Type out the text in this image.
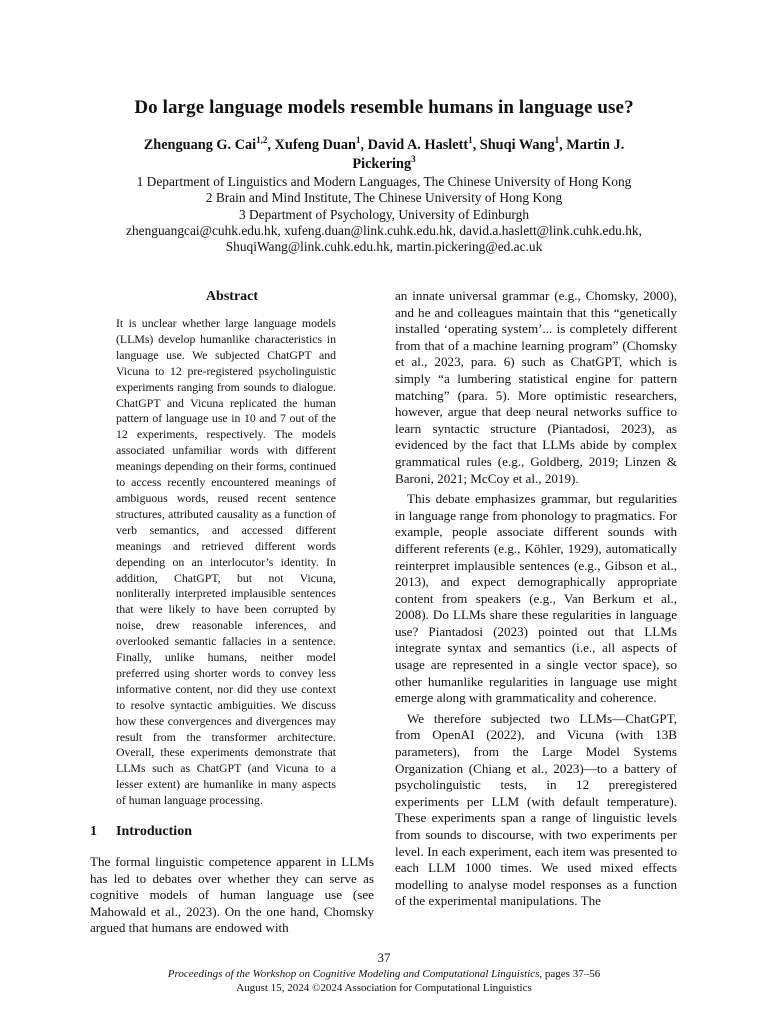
Do large language models resemble humans in language use?
Zhenguang G. Cai$^{1,2}$, Xufeng Duan$^1$, David A. Haslett$^1$, Shuqi Wang$^1$, Martin J.
Pickering$^3$
1 Department of Linguistics and Modern Languages, The Chinese University of Hong Kong
2 Brain and Mind Institute, The Chinese University of Hong Kong
3 Department of Psychology, University of Edinburgh
zhenguangcai@cuhk.edu.hk, xufeng.duan@link.cuhk.edu.hk, david.a.haslett@link.cuhk.edu.hk,
ShuqiWang@link.cuhk.edu.hk, martin.pickering@ed.ac.uk
Abstract
It is unclear whether large language models (LLMs) develop humanlike characteristics in language use. We subjected ChatGPT and Vicuna to 12 pre-registered psycholinguistic experiments ranging from sounds to dialogue. ChatGPT and Vicuna replicated the human pattern of language use in 10 and 7 out of the 12 experiments, respectively. The models associated unfamiliar words with different meanings depending on their forms, continued to access recently encountered meanings of ambiguous words, reused recent sentence structures, attributed causality as a function of verb semantics, and accessed different meanings and retrieved different words depending on an interlocutor’s identity. In addition, ChatGPT, but not Vicuna, nonliterally interpreted implausible sentences that were likely to have been corrupted by noise, drew reasonable inferences, and overlooked semantic fallacies in a sentence. Finally, unlike humans, neither model preferred using shorter words to convey less informative content, nor did they use context to resolve syntactic ambiguities. We discuss how these convergences and divergences may result from the transformer architecture. Overall, these experiments demonstrate that LLMs such as ChatGPT (and Vicuna to a lesser extent) are humanlike in many aspects of human language processing.
1 Introduction

The formal linguistic competence apparent in LLMs has led to debates over whether they can serve as cognitive models of human language use (see Mahowald et al., 2023). On the one hand, Chomsky argued that humans are endowed with

an innate universal grammar (e.g., Chomsky, 2000), and he and colleagues maintain that this “genetically installed ‘operating system’... is completely different from that of a machine learning program” (Chomsky et al., 2023, para. 6) such as ChatGPT, which is simply “a lumbering statistical engine for pattern matching” (para. 5). More optimistic researchers, however, argue that deep neural networks suffice to learn syntactic structure (Piantadosi, 2023), as evidenced by the fact that LLMs abide by complex grammatical rules (e.g., Goldberg, 2019; Linzen & Baroni, 2021; McCoy et al., 2019).

This debate emphasizes grammar, but regularities in language range from phonology to pragmatics. For example, people associate different sounds with different referents (e.g., Köhler, 1929), automatically reinterpret implausible sentences (e.g., Gibson et al., 2013), and expect demographically appropriate content from speakers (e.g., Van Berkum et al., 2008). Do LLMs share these regularities in language use? Piantadosi (2023) pointed out that LLMs integrate syntax and semantics (i.e., all aspects of usage are represented in a single vector space), so other humanlike regularities in language use might emerge along with grammaticality and coherence.

We therefore subjected two LLMs—ChatGPT, from OpenAI (2022), and Vicuna (with 13B parameters), from the Large Model Systems Organization (Chiang et al., 2023)—to a battery of psycholinguistic tests, in 12 preregistered experiments per LLM (with default temperature). These experiments span a range of linguistic levels from sounds to discourse, with two experiments per level. In each experiment, each item was presented to each LLM 1000 times. We used mixed effects modelling to analyse model responses as a function of the experimental manipulations. The

37
Proceedings of the Workshop on Cognitive Modeling and Computational Linguistics, pages 37–56
August 15, 2024 ©2024 Association for Computational Linguistics
